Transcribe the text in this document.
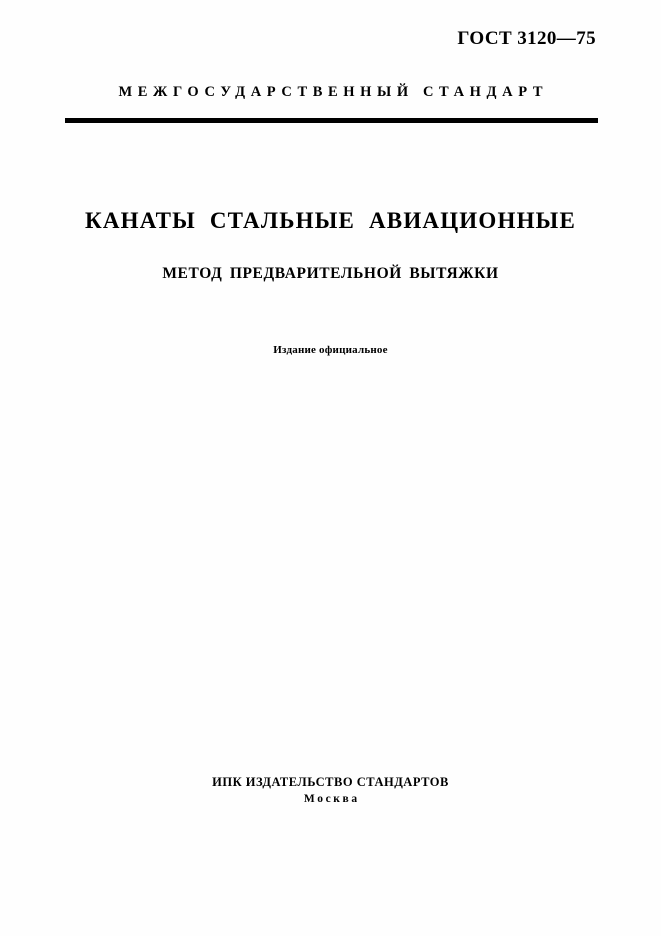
ГОСТ 3120—75
МЕЖГОСУДАРСТВЕННЫЙ СТАНДАРТ
КАНАТЫ СТАЛЬНЫЕ АВИАЦИОННЫЕ
МЕТОД ПРЕДВАРИТЕЛЬНОЙ ВЫТЯЖКИ
Издание официальное
ИПК ИЗДАТЕЛЬСТВО СТАНДАРТОВ
Москва
